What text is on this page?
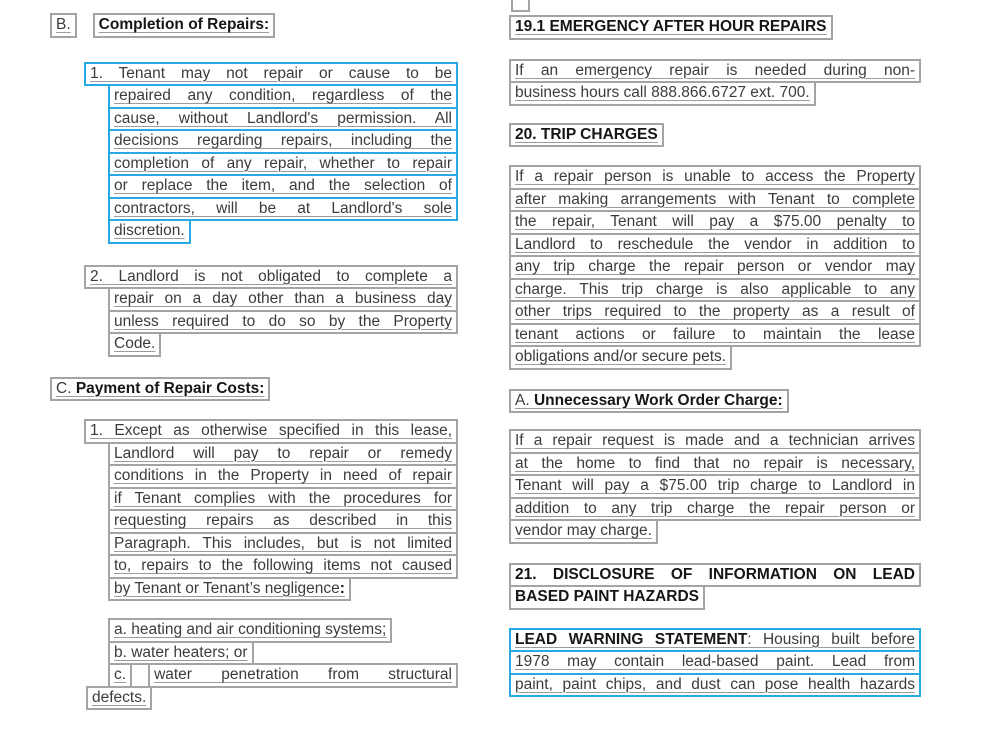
B.	Completion of Repairs:
1. Tenant may not repair or cause to be
repaired any condition, regardless of the
cause, without Landlord's permission. All
decisions regarding repairs, including the
completion of any repair, whether to repair
or replace the item, and the selection of
contractors, will be at Landlord's sole
discretion.
2. Landlord is not obligated to complete a
repair on a day other than a business day
unless required to do so by the Property
Code.
C. Payment of Repair Costs:
1. Except as otherwise specified in this lease,
Landlord will pay to repair or remedy
conditions in the Property in need of repair
if Tenant complies with the procedures for
requesting repairs as described in this
Paragraph. This includes, but is not limited
to, repairs to the following items not caused
by Tenant or Tenant’s negligence:
a. heating and air conditioning systems;
b. water heaters; or
c.	water penetration from structural
defects.
19.1 EMERGENCY AFTER HOUR REPAIRS
If an emergency repair is needed during non-
business hours call 888.866.6727 ext. 700.
20. TRIP CHARGES
If a repair person is unable to access the Property
after making arrangements with Tenant to complete
the repair, Tenant will pay a $75.00 penalty to
Landlord to reschedule the vendor in addition to
any trip charge the repair person or vendor may
charge. This trip charge is also applicable to any
other trips required to the property as a result of
tenant actions or failure to maintain the lease
obligations and/or secure pets.
A. Unnecessary Work Order Charge:
If a repair request is made and a technician arrives
at the home to find that no repair is necessary,
Tenant will pay a $75.00 trip charge to Landlord in
addition to any trip charge the repair person or
vendor may charge.
21. DISCLOSURE OF INFORMATION ON LEAD
BASED PAINT HAZARDS
LEAD WARNING STATEMENT: Housing built before
1978 may contain lead-based paint. Lead from
paint, paint chips, and dust can pose health hazards
